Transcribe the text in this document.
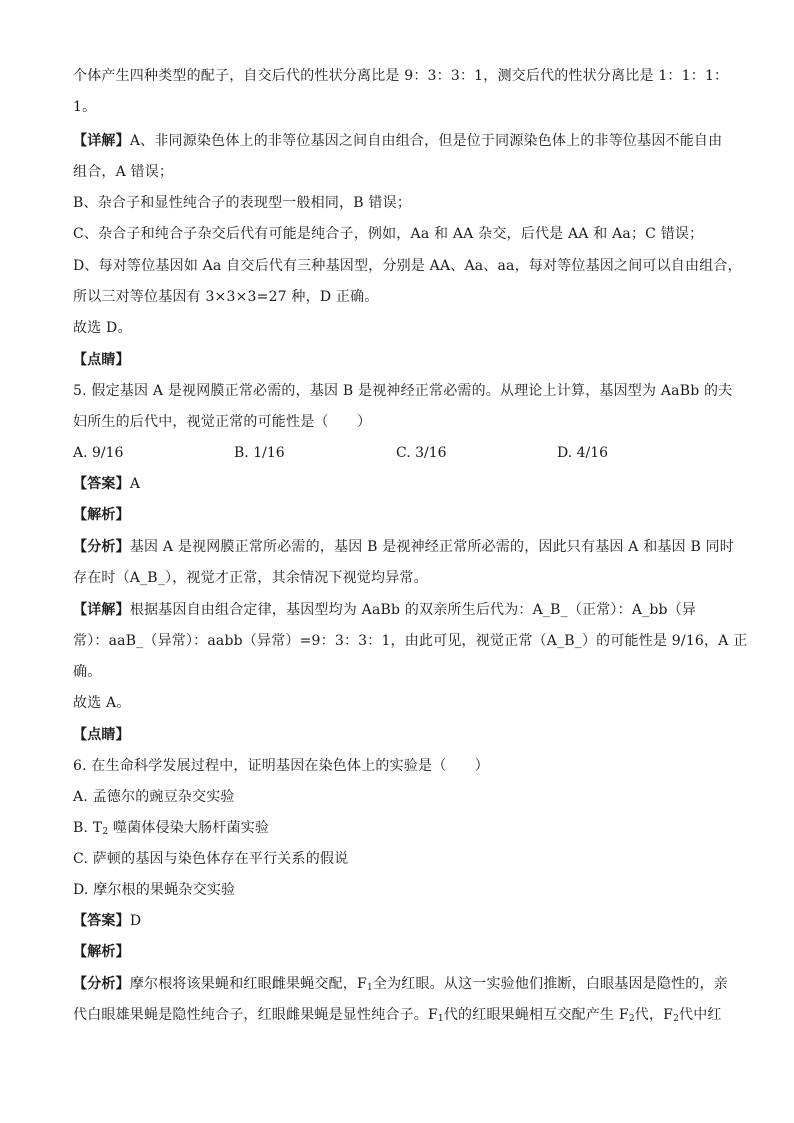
个体产生四种类型的配子，自交后代的性状分离比是 9：3：3：1，测交后代的性状分离比是 1：1：1：
1。
【详解】A、非同源染色体上的非等位基因之间自由组合，但是位于同源染色体上的非等位基因不能自由
组合，A 错误；
B、杂合子和显性纯合子的表现型一般相同，B 错误；
C、杂合子和纯合子杂交后代有可能是纯合子，例如，Aa 和 AA 杂交，后代是 AA 和 Aa；C 错误；
D、每对等位基因如 Aa 自交后代有三种基因型，分别是 AA、Aa、aa，每对等位基因之间可以自由组合，
所以三对等位基因有 3×3×3=27 种，D 正确。
故选 D。
【点睛】
5. 假定基因 A 是视网膜正常必需的，基因 B 是视神经正常必需的。从理论上计算，基因型为 AaBb 的夫
妇所生的后代中，视觉正常的可能性是（　　）
A. 9/16	B. 1/16	C. 3/16	D. 4/16
【答案】A
【解析】
【分析】基因 A 是视网膜正常所必需的，基因 B 是视神经正常所必需的，因此只有基因 A 和基因 B 同时
存在时（A_B_），视觉才正常，其余情况下视觉均异常。
【详解】根据基因自由组合定律，基因型均为 AaBb 的双亲所生后代为：A_B_（正常）：A_bb（异
常）：aaB_（异常）：aabb（异常）=9：3：3：1，由此可见，视觉正常（A_B_）的可能性是 9/16，A 正
确。
故选 A。
【点睛】
6. 在生命科学发展过程中，证明基因在染色体上的实验是（　　）
A. 孟德尔的豌豆杂交实验
B. $T_2$ 噬菌体侵染大肠杆菌实验
C. 萨顿的基因与染色体存在平行关系的假说
D. 摩尔根的果蝇杂交实验
【答案】D
【解析】
【分析】摩尔根将该果蝇和红眼雌果蝇交配，$F_1$全为红眼。从这一实验他们推断，白眼基因是隐性的，亲
代白眼雄果蝇是隐性纯合子，红眼雌果蝇是显性纯合子。$F_1$代的红眼果蝇相互交配产生 $F_2$代，$F_2$代中红
